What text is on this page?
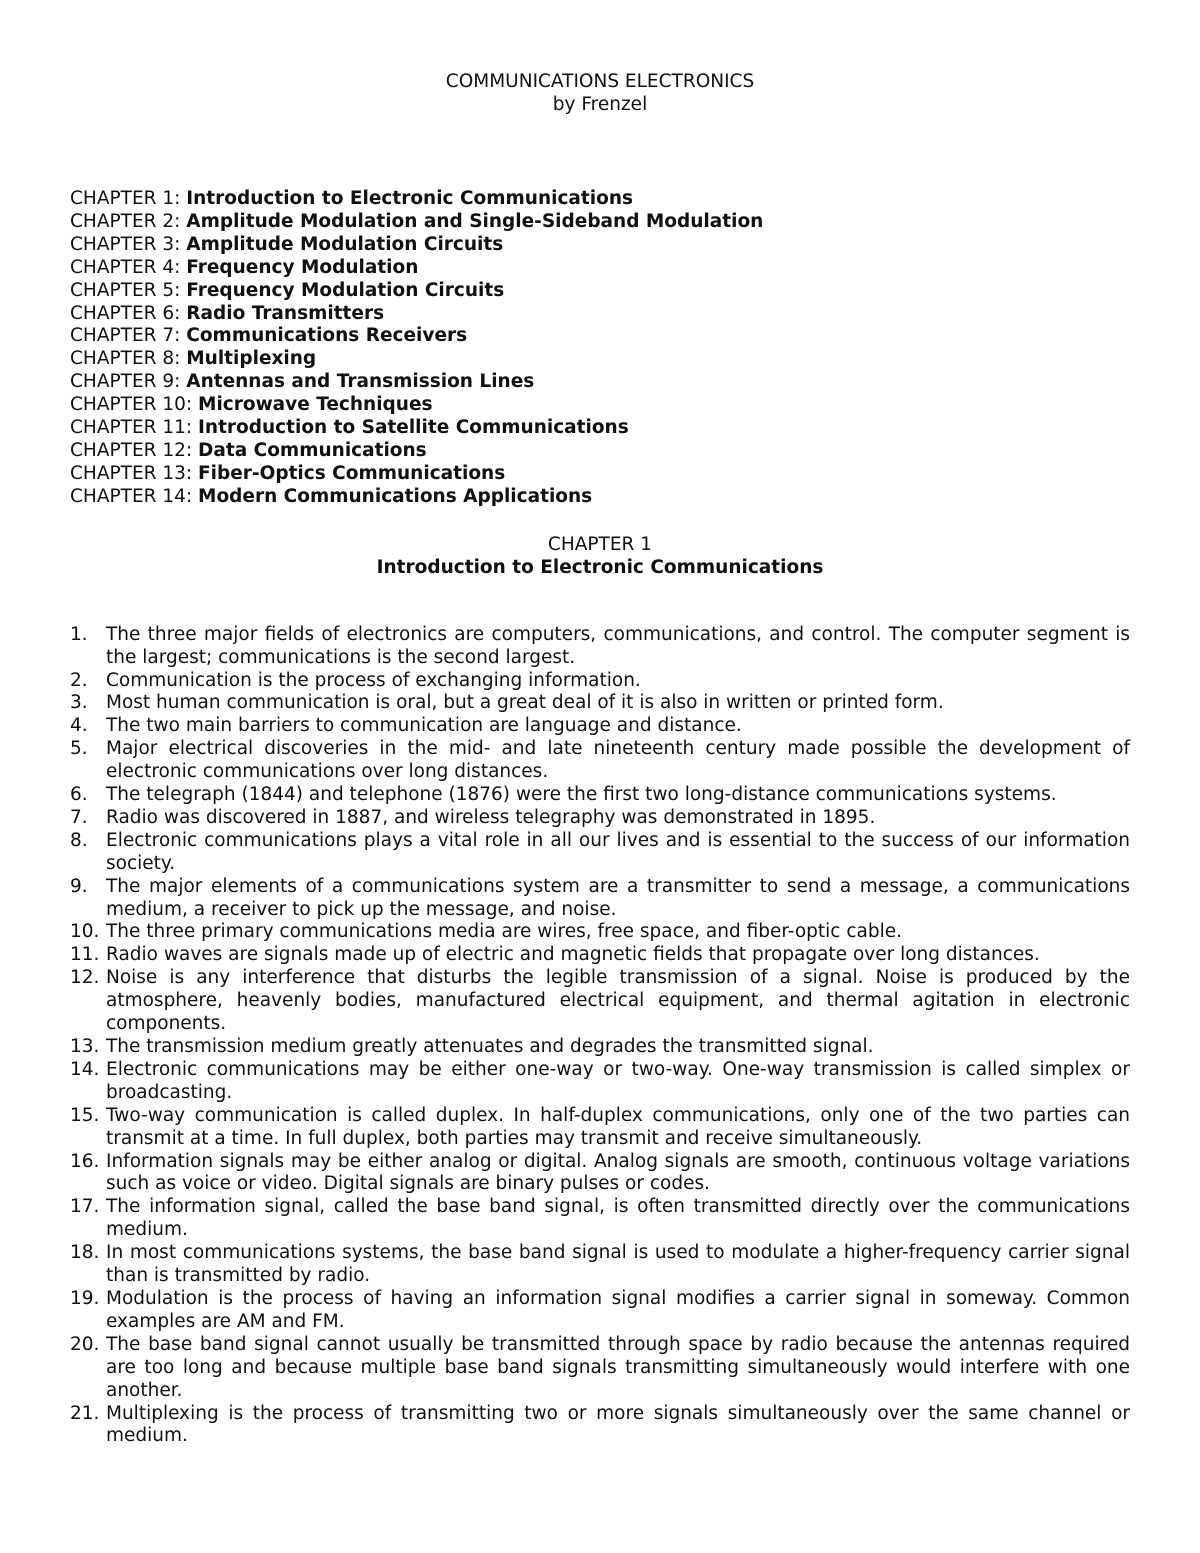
COMMUNICATIONS ELECTRONICS
by Frenzel
CHAPTER 1: Introduction to Electronic Communications
CHAPTER 2: Amplitude Modulation and Single-Sideband Modulation
CHAPTER 3: Amplitude Modulation Circuits
CHAPTER 4: Frequency Modulation
CHAPTER 5: Frequency Modulation Circuits
CHAPTER 6: Radio Transmitters
CHAPTER 7: Communications Receivers
CHAPTER 8: Multiplexing
CHAPTER 9: Antennas and Transmission Lines
CHAPTER 10: Microwave Techniques
CHAPTER 11: Introduction to Satellite Communications
CHAPTER 12: Data Communications
CHAPTER 13: Fiber-Optics Communications
CHAPTER 14: Modern Communications Applications
CHAPTER 1
Introduction to Electronic Communications
1. The three major fields of electronics are computers, communications, and control. The computer segment is the largest; communications is the second largest.
2. Communication is the process of exchanging information.
3. Most human communication is oral, but a great deal of it is also in written or printed form.
4. The two main barriers to communication are language and distance.
5. Major electrical discoveries in the mid- and late nineteenth century made possible the development of electronic communications over long distances.
6. The telegraph (1844) and telephone (1876) were the first two long-distance communications systems.
7. Radio was discovered in 1887, and wireless telegraphy was demonstrated in 1895.
8. Electronic communications plays a vital role in all our lives and is essential to the success of our information society.
9. The major elements of a communications system are a transmitter to send a message, a communications medium, a receiver to pick up the message, and noise.
10. The three primary communications media are wires, free space, and fiber-optic cable.
11. Radio waves are signals made up of electric and magnetic fields that propagate over long distances.
12. Noise is any interference that disturbs the legible transmission of a signal. Noise is produced by the atmosphere, heavenly bodies, manufactured electrical equipment, and thermal agitation in electronic components.
13. The transmission medium greatly attenuates and degrades the transmitted signal.
14. Electronic communications may be either one-way or two-way. One-way transmission is called simplex or broadcasting.
15. Two-way communication is called duplex. In half-duplex communications, only one of the two parties can transmit at a time. In full duplex, both parties may transmit and receive simultaneously.
16. Information signals may be either analog or digital. Analog signals are smooth, continuous voltage variations such as voice or video. Digital signals are binary pulses or codes.
17. The information signal, called the base band signal, is often transmitted directly over the communications medium.
18. In most communications systems, the base band signal is used to modulate a higher-frequency carrier signal than is transmitted by radio.
19. Modulation is the process of having an information signal modifies a carrier signal in someway. Common examples are AM and FM.
20. The base band signal cannot usually be transmitted through space by radio because the antennas required are too long and because multiple base band signals transmitting simultaneously would interfere with one another.
21. Multiplexing is the process of transmitting two or more signals simultaneously over the same channel or medium.
